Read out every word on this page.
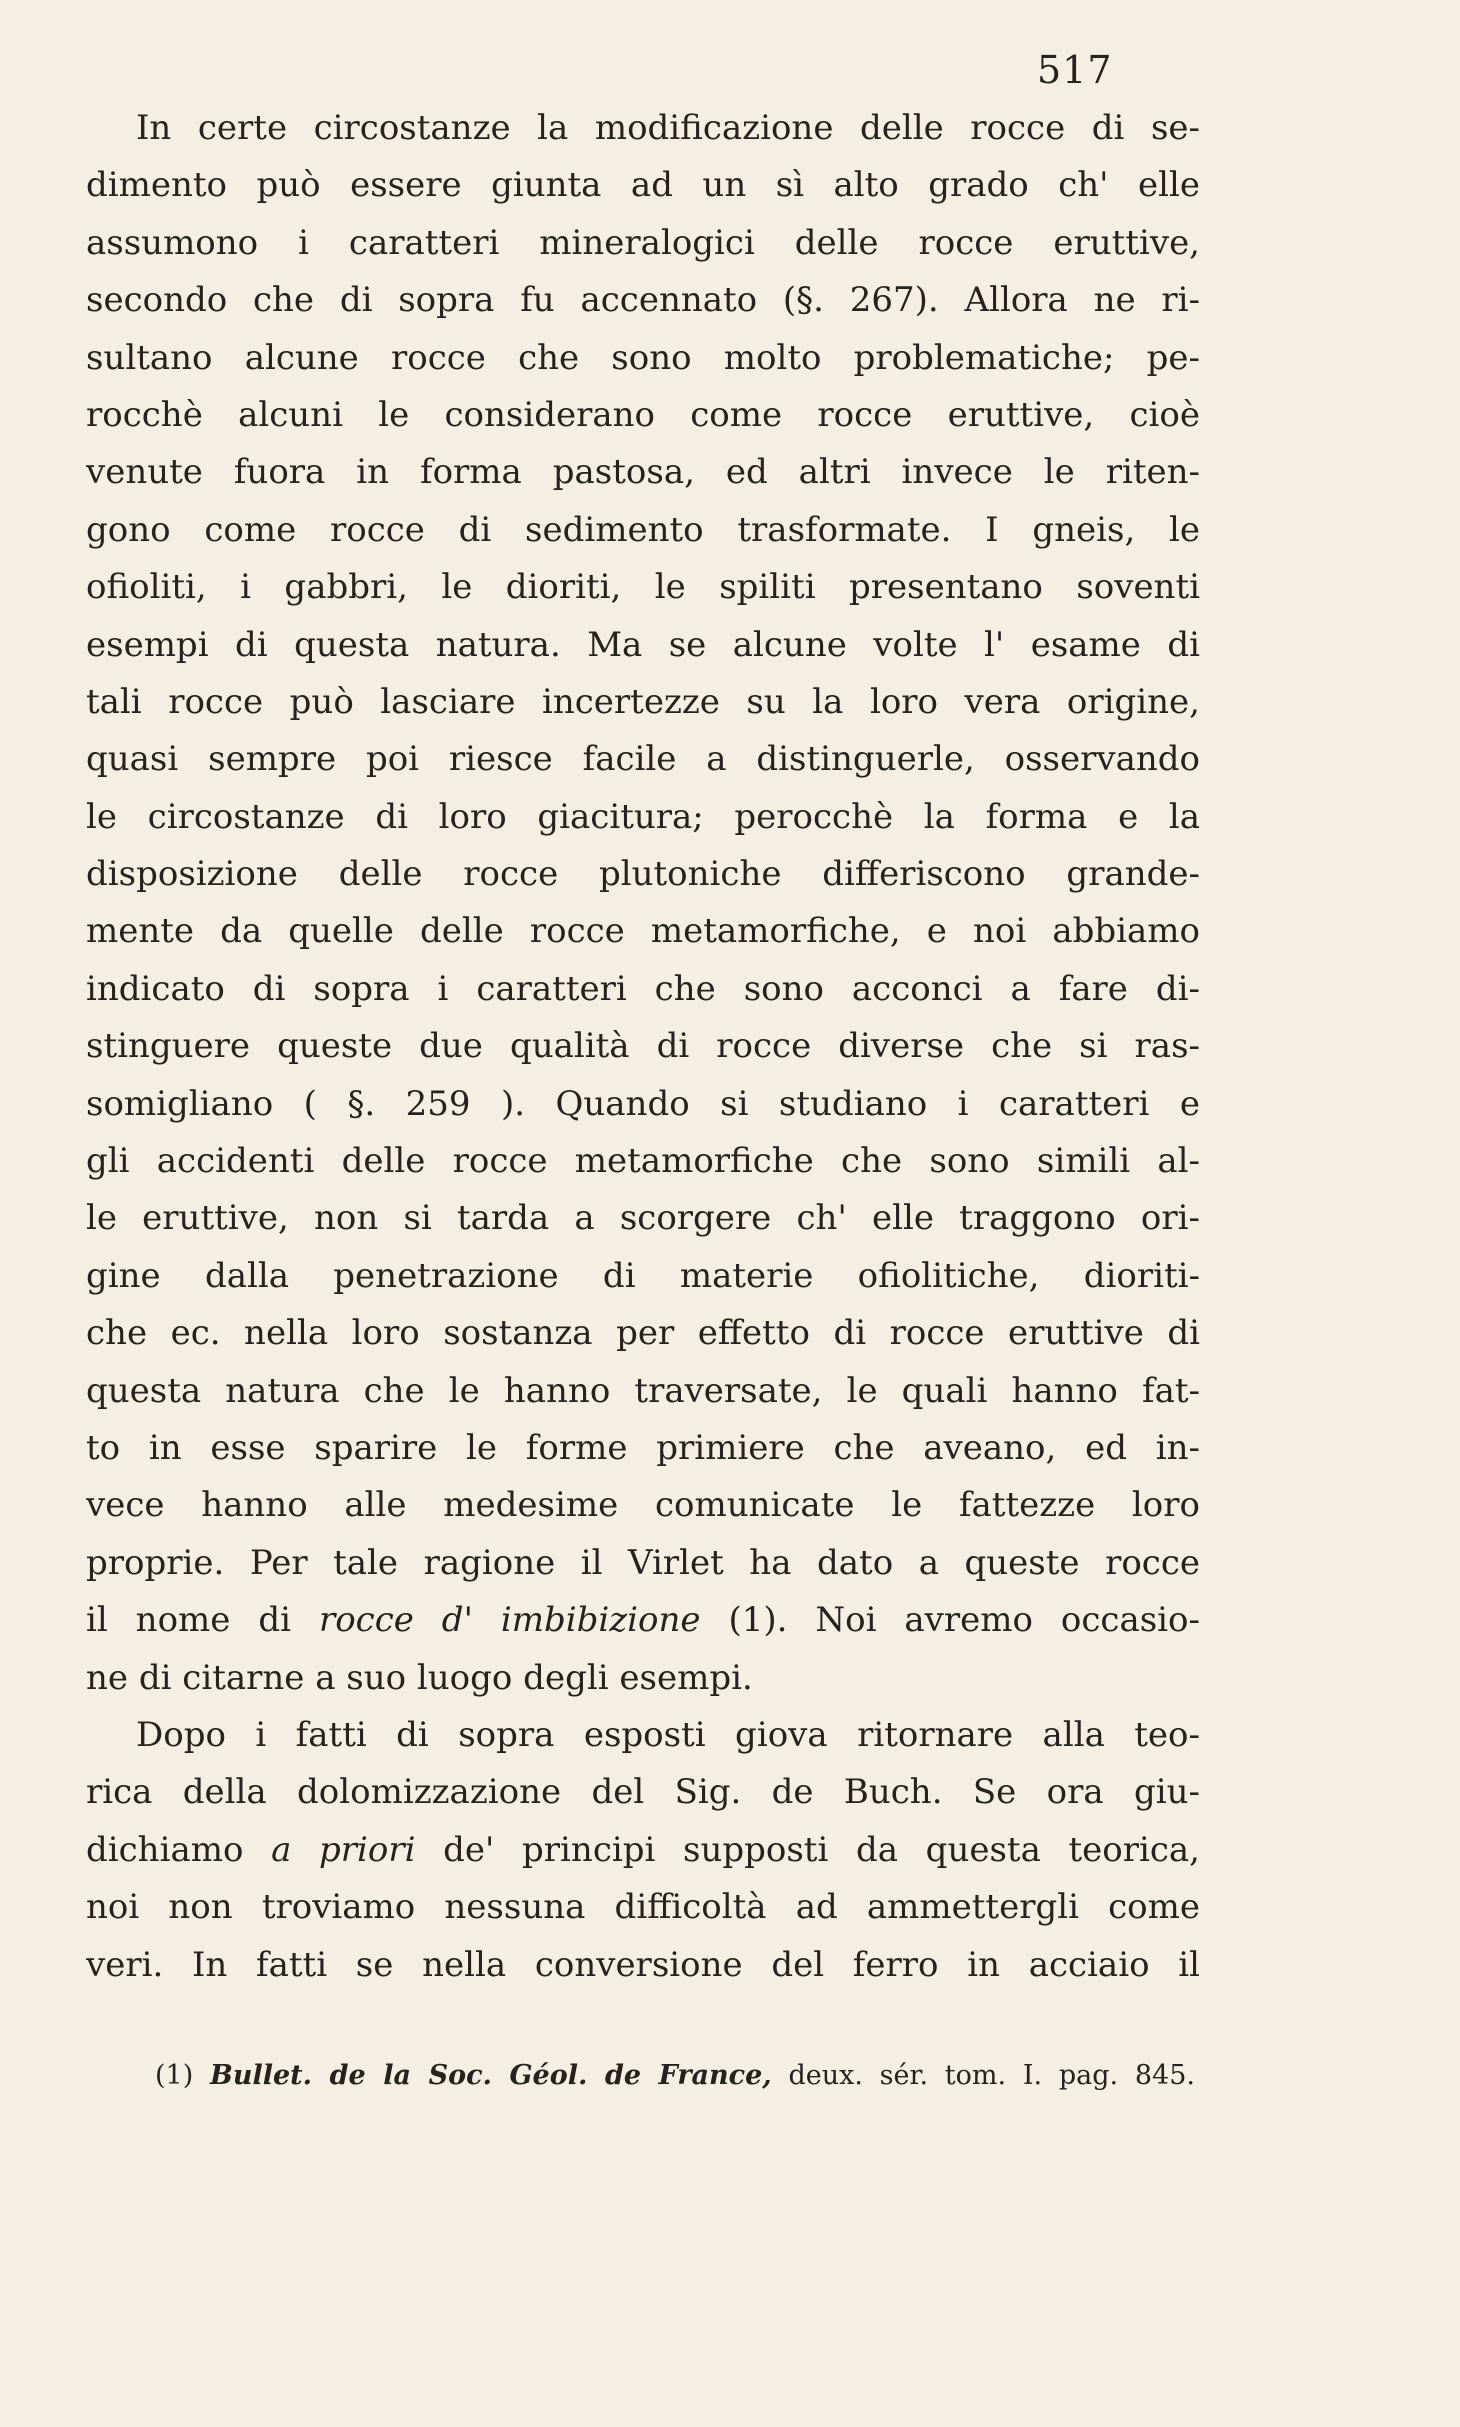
517
In certe circostanze la modificazione delle rocce di se-
dimento può essere giunta ad un sì alto grado ch' elle
assumono i caratteri mineralogici delle rocce eruttive,
secondo che di sopra fu accennato (§. 267). Allora ne ri-
sultano alcune rocce che sono molto problematiche; pe-
rocchè alcuni le considerano come rocce eruttive, cioè
venute fuora in forma pastosa, ed altri invece le riten-
gono come rocce di sedimento trasformate. I gneis, le
ofioliti, i gabbri, le dioriti, le spiliti presentano soventi
esempi di questa natura. Ma se alcune volte l' esame di
tali rocce può lasciare incertezze su la loro vera origine,
quasi sempre poi riesce facile a distinguerle, osservando
le circostanze di loro giacitura; perocchè la forma e la
disposizione delle rocce plutoniche differiscono grande-
mente da quelle delle rocce metamorfiche, e noi abbiamo
indicato di sopra i caratteri che sono acconci a fare di-
stinguere queste due qualità di rocce diverse che si ras-
somigliano ( §. 259 ). Quando si studiano i caratteri e
gli accidenti delle rocce metamorfiche che sono simili al-
le eruttive, non si tarda a scorgere ch' elle traggono ori-
gine dalla penetrazione di materie ofiolitiche, dioriti-
che ec. nella loro sostanza per effetto di rocce eruttive di
questa natura che le hanno traversate, le quali hanno fat-
to in esse sparire le forme primiere che aveano, ed in-
vece hanno alle medesime comunicate le fattezze loro
proprie. Per tale ragione il Virlet ha dato a queste rocce
il nome di rocce d' imbibizione (1). Noi avremo occasio-
ne di citarne a suo luogo degli esempi.
Dopo i fatti di sopra esposti giova ritornare alla teo-
rica della dolomizzazione del Sig. de Buch. Se ora giu-
dichiamo a priori de' principi supposti da questa teorica,
noi non troviamo nessuna difficoltà ad ammettergli come
veri. In fatti se nella conversione del ferro in acciaio il
(1) Bullet. de la Soc. Géol. de France, deux. sér. tom. I. pag. 845.
